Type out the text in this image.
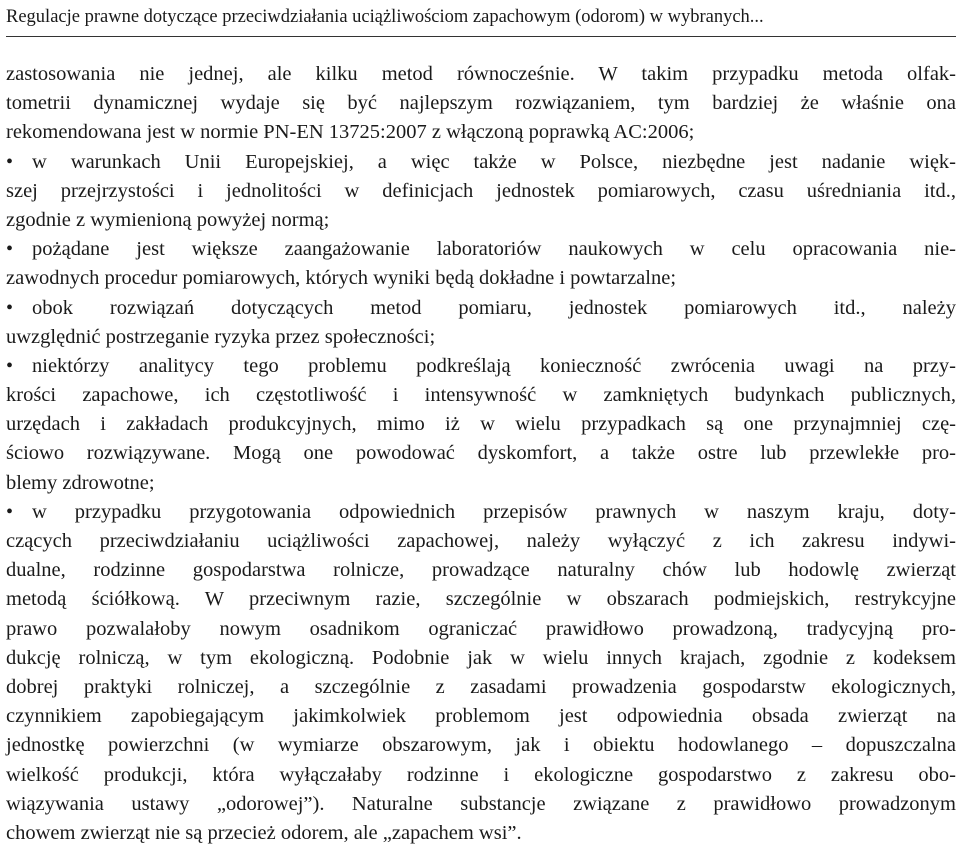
Regulacje prawne dotyczące przeciwdziałania uciążliwościom zapachowym (odorom) w wybranych...
zastosowania nie jednej, ale kilku metod równocześnie. W takim przypadku metoda olfak-
tometrii dynamicznej wydaje się być najlepszym rozwiązaniem, tym bardziej że właśnie ona
rekomendowana jest w normie PN-EN 13725:2007 z włączoną poprawką AC:2006;
• w warunkach Unii Europejskiej, a więc także w Polsce, niezbędne jest nadanie więk-
szej przejrzystości i jednolitości w definicjach jednostek pomiarowych, czasu uśredniania itd.,
zgodnie z wymienioną powyżej normą;
• pożądane jest większe zaangażowanie laboratoriów naukowych w celu opracowania nie-
zawodnych procedur pomiarowych, których wyniki będą dokładne i powtarzalne;
• obok rozwiązań dotyczących metod pomiaru, jednostek pomiarowych itd., należy
uwzględnić postrzeganie ryzyka przez społeczności;
• niektórzy analitycy tego problemu podkreślają konieczność zwrócenia uwagi na przy-
krości zapachowe, ich częstotliwość i intensywność w zamkniętych budynkach publicznych,
urzędach i zakładach produkcyjnych, mimo iż w wielu przypadkach są one przynajmniej czę-
ściowo rozwiązywane. Mogą one powodować dyskomfort, a także ostre lub przewlekłe pro-
blemy zdrowotne;
• w przypadku przygotowania odpowiednich przepisów prawnych w naszym kraju, doty-
czących przeciwdziałaniu uciążliwości zapachowej, należy wyłączyć z ich zakresu indywi-
dualne, rodzinne gospodarstwa rolnicze, prowadzące naturalny chów lub hodowlę zwierząt
metodą ściółkową. W przeciwnym razie, szczególnie w obszarach podmiejskich, restrykcyjne
prawo pozwalałoby nowym osadnikom ograniczać prawidłowo prowadzoną, tradycyjną pro-
dukcję rolniczą, w tym ekologiczną. Podobnie jak w wielu innych krajach, zgodnie z kodeksem
dobrej praktyki rolniczej, a szczególnie z zasadami prowadzenia gospodarstw ekologicznych,
czynnikiem zapobiegającym jakimkolwiek problemom jest odpowiednia obsada zwierząt na
jednostkę powierzchni (w wymiarze obszarowym, jak i obiektu hodowlanego – dopuszczalna
wielkość produkcji, która wyłączałaby rodzinne i ekologiczne gospodarstwo z zakresu obo-
wiązywania ustawy „odorowej”). Naturalne substancje związane z prawidłowo prowadzonym
chowem zwierząt nie są przecież odorem, ale „zapachem wsi”.
